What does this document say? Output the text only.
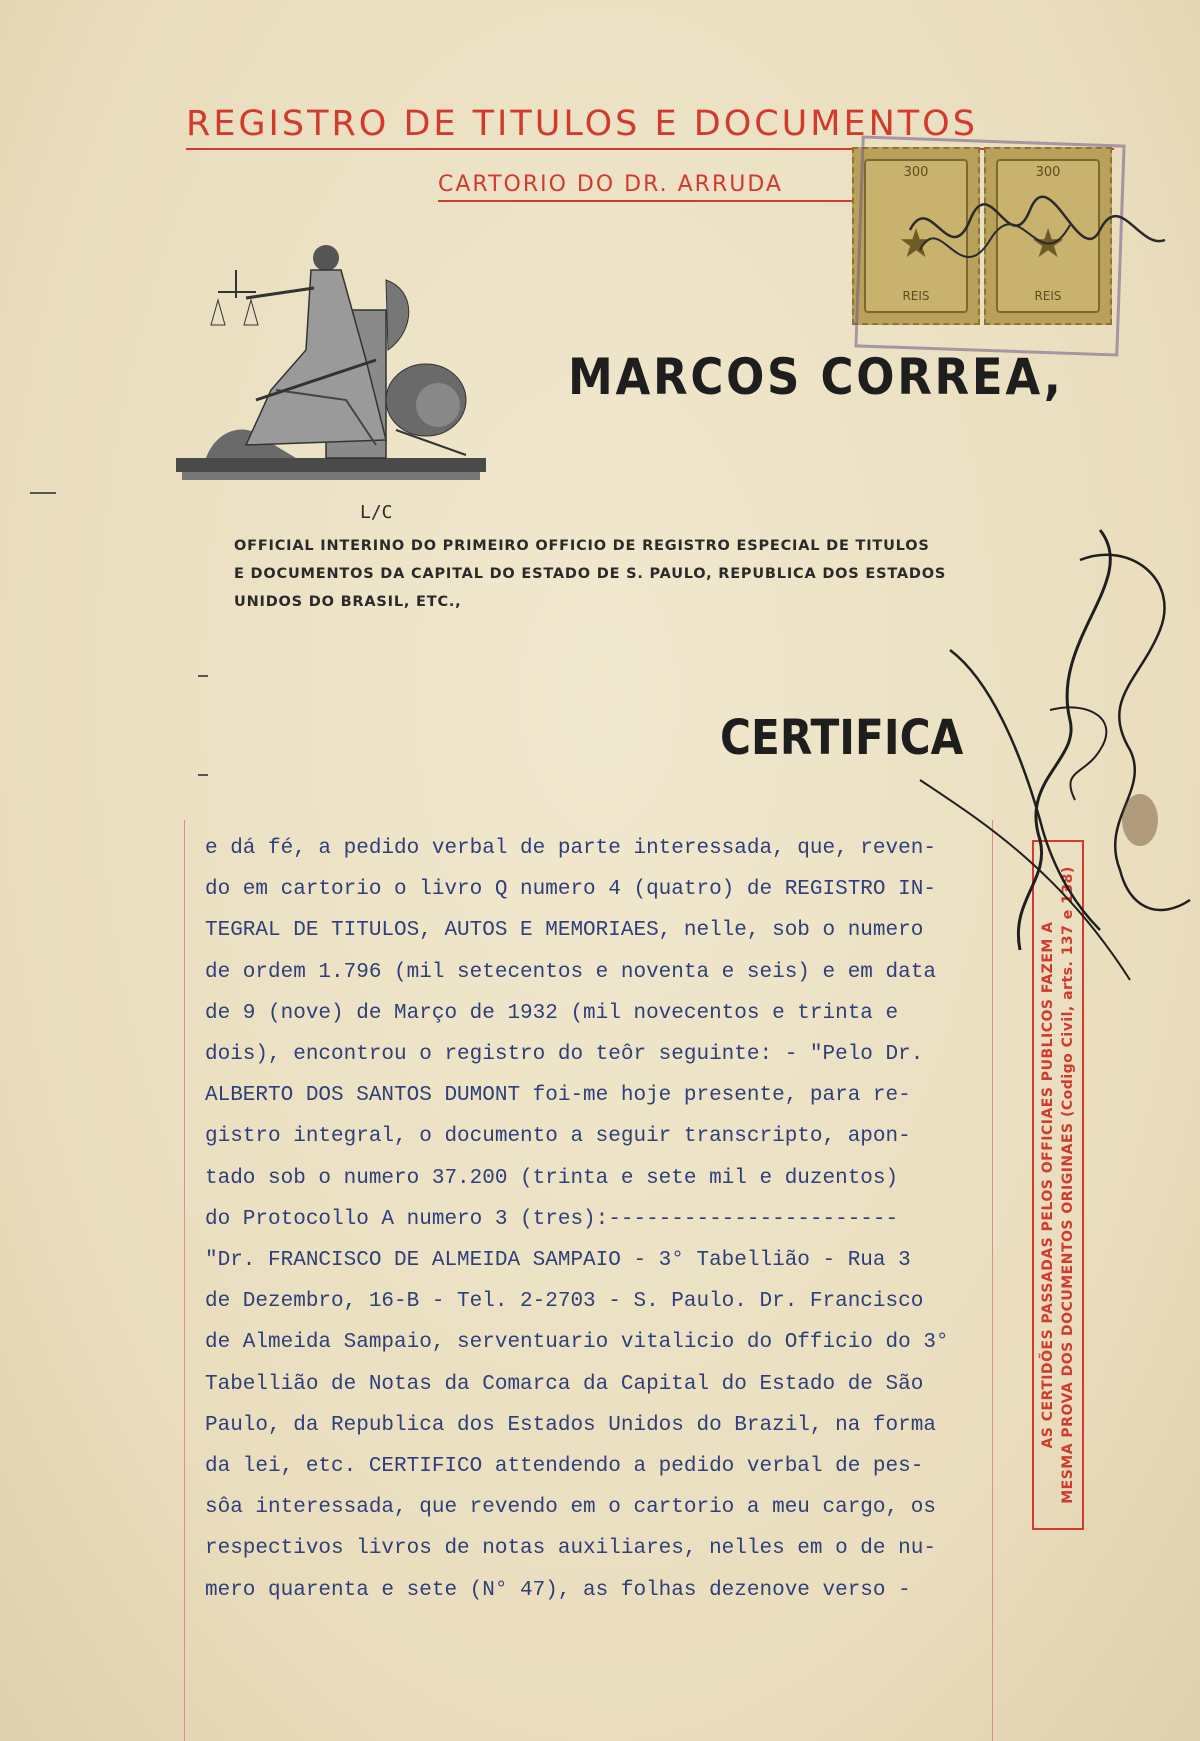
REGISTRO DE TITULOS E DOCUMENTOS
CARTORIO DO DR. ARRUDA	300
★
REIS
300
★
REIS
L/C
MARCOS CORREA,
OFFICIAL INTERINO DO PRIMEIRO OFFICIO DE REGISTRO ESPECIAL DE TITULOS
E DOCUMENTOS DA CAPITAL DO ESTADO DE S. PAULO, REPUBLICA DOS ESTADOS
UNIDOS DO BRASIL, ETC.,
CERTIFICA
e dá fé, a pedido verbal de parte interessada, que, reven-
do em cartorio o livro Q numero 4 (quatro) de REGISTRO IN-
TEGRAL DE TITULOS, AUTOS E MEMORIAES, nelle, sob o numero
de ordem 1.796 (mil setecentos e noventa e seis) e em data
de 9 (nove) de Março de 1932 (mil novecentos e trinta e
dois), encontrou o registro do teôr seguinte: - "Pelo Dr.
ALBERTO DOS SANTOS DUMONT foi-me hoje presente, para re-
gistro integral, o documento a seguir transcripto, apon-
tado sob o numero 37.200 (trinta e sete mil e duzentos)
do Protocollo A numero 3 (tres):-----------------------
"Dr. FRANCISCO DE ALMEIDA SAMPAIO - 3° Tabellião - Rua 3
de Dezembro, 16-B - Tel. 2-2703 - S. Paulo. Dr. Francisco
de Almeida Sampaio, serventuario vitalicio do Officio do 3°
Tabellião de Notas da Comarca da Capital do Estado de São
Paulo, da Republica dos Estados Unidos do Brazil, na forma
da lei, etc. CERTIFICO attendendo a pedido verbal de pes-
sôa interessada, que revendo em o cartorio a meu cargo, os
respectivos livros de notas auxiliares, nelles em o de nu-
mero quarenta e sete (N° 47), as folhas dezenove verso -
AS CERTIDÕES PASSADAS PELOS OFFICIAES PUBLICOS FAZEM A MESMA PROVA DOS DOCUMENTOS ORIGINAES (Codigo Civil, arts. 137 e 138)
